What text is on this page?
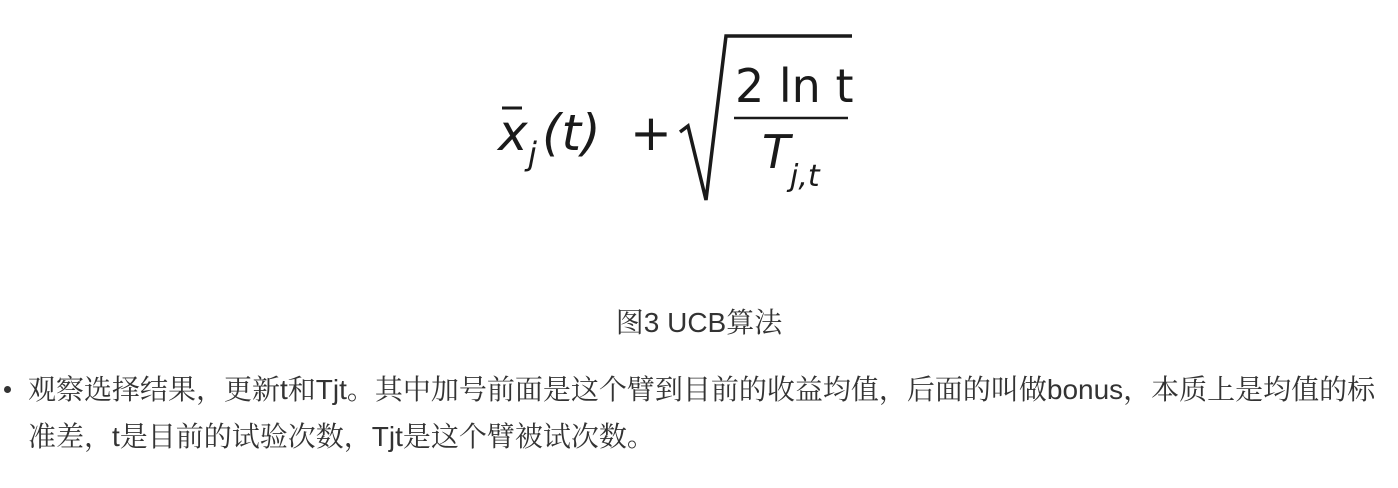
x j (t) +
2 ln t
T j,t
图3 UCB算法
观察选择结果，更新t和Tjt。其中加号前面是这个臂到目前的收益均值，后面的叫做bonus，本质上是均值的标准差，t是目前的试验次数，Tjt是这个臂被试次数。
